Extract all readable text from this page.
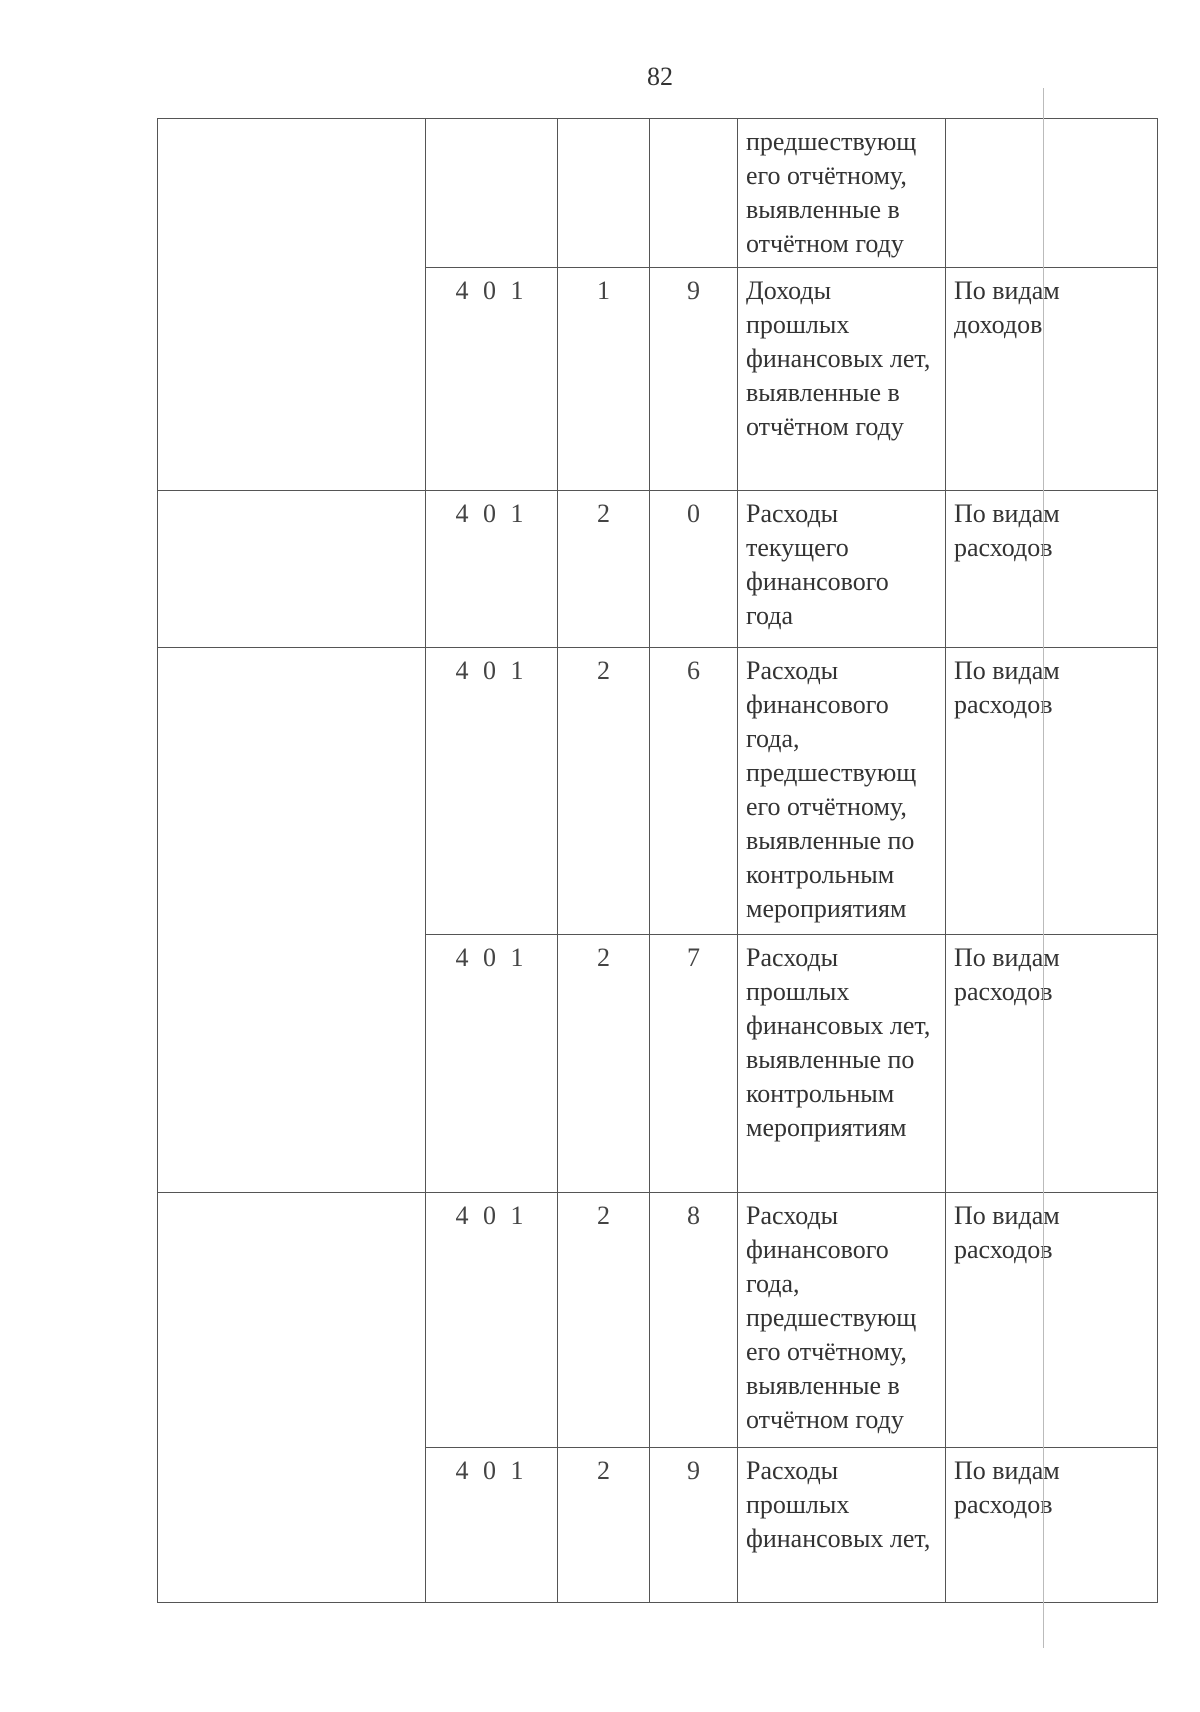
82
				предшествующ его отчётному, выявленные в отчётном году	
	4 0 1	1	9	Доходы прошлых финансовых лет, выявленные в отчётном году	По видам доходов
	4 0 1	2	0	Расходы текущего финансового года	По видам расходов
	4 0 1	2	6	Расходы финансового года, предшествующ его отчётному, выявленные по контрольным мероприятиям	По видам расходов
	4 0 1	2	7	Расходы прошлых финансовых лет, выявленные по контрольным мероприятиям	По видам расходов
	4 0 1	2	8	Расходы финансового года, предшествующ его отчётному, выявленные в отчётном году	По видам расходов
	4 0 1	2	9	Расходы прошлых финансовых лет,	По видам расходов
